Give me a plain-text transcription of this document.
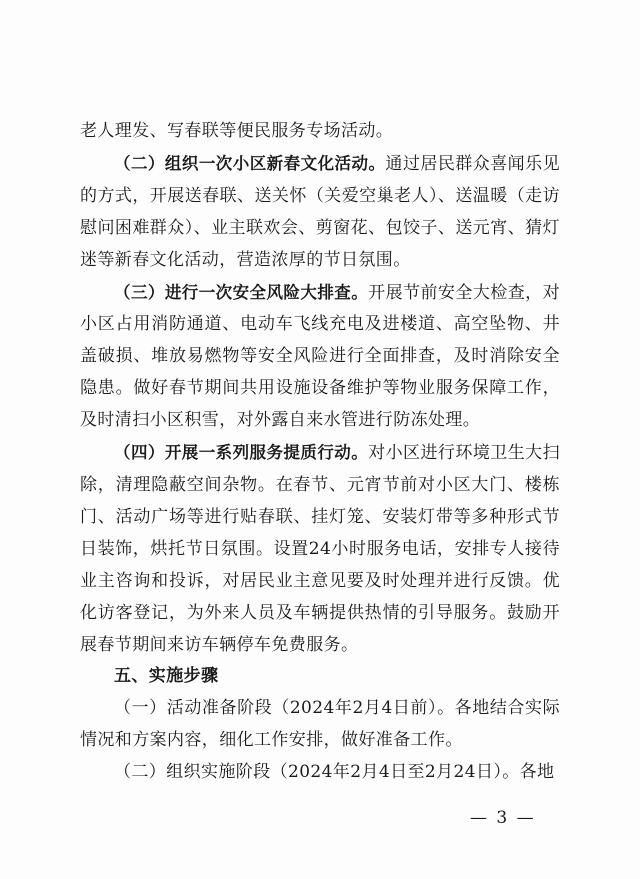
老人理发、写春联等便民服务专场活动。

（二）组织一次小区新春文化活动。通过居民群众喜闻乐见的方式，开展送春联、送关怀（关爱空巢老人）、送温暖（走访慰问困难群众）、业主联欢会、剪窗花、包饺子、送元宵、猜灯迷等新春文化活动，营造浓厚的节日氛围。

（三）进行一次安全风险大排查。开展节前安全大检查，对小区占用消防通道、电动车飞线充电及进楼道、高空坠物、井盖破损、堆放易燃物等安全风险进行全面排查，及时消除安全隐患。做好春节期间共用设施设备维护等物业服务保障工作，及时清扫小区积雪，对外露自来水管进行防冻处理。

（四）开展一系列服务提质行动。对小区进行环境卫生大扫除，清理隐蔽空间杂物。在春节、元宵节前对小区大门、楼栋门、活动广场等进行贴春联、挂灯笼、安装灯带等多种形式节日装饰，烘托节日氛围。设置24小时服务电话，安排专人接待业主咨询和投诉，对居民业主意见要及时处理并进行反馈。优化访客登记，为外来人员及车辆提供热情的引导服务。鼓励开展春节期间来访车辆停车免费服务。

五、实施步骤

（一）活动准备阶段（2024年2月4日前）。各地结合实际情况和方案内容，细化工作安排，做好准备工作。

（二）组织实施阶段（2024年2月4日至2月24日）。各地

— 3 —
